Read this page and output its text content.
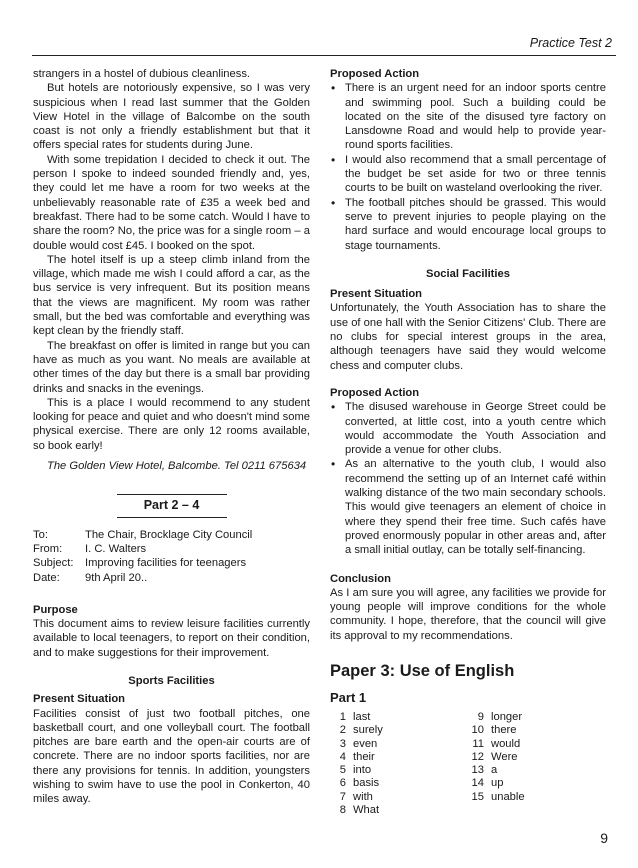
Practice Test 2

strangers in a hostel of dubious cleanliness.

But hotels are notoriously expensive, so I was very suspicious when I read last summer that the Golden View Hotel in the village of Balcombe on the south coast is not only a friendly establishment but that it offers special rates for students during June.

With some trepidation I decided to check it out. The person I spoke to indeed sounded friendly and, yes, they could let me have a room for two weeks at the unbelievably reasonable rate of £35 a week bed and breakfast. There had to be some catch. Would I have to share the room? No, the price was for a single room – a double would cost £45. I booked on the spot.

The hotel itself is up a steep climb inland from the village, which made me wish I could afford a car, as the bus service is very infrequent. But its position means that the views are magnificent. My room was rather small, but the bed was comfortable and everything was kept clean by the friendly staff.

The breakfast on offer is limited in range but you can have as much as you want. No meals are available at other times of the day but there is a small bar providing drinks and snacks in the evenings.

This is a place I would recommend to any student looking for peace and quiet and who doesn't mind some physical exercise. There are only 12 rooms available, so book early!

The Golden View Hotel, Balcombe. Tel 0211 675634

Part 2 – 4
To:	The Chair, Brocklage City Council
From:	I. C. Walters
Subject:	Improving facilities for teenagers
Date:	9th April 20..

Purpose

This document aims to review leisure facilities currently available to local teenagers, to report on their condition, and to make suggestions for their improvement.

Sports Facilities

Present Situation

Facilities consist of just two football pitches, one basketball court, and one volleyball court. The football pitches are bare earth and the open-air courts are of concrete. There are no indoor sports facilities, nor are there any provisions for tennis. In addition, youngsters wishing to swim have to use the pool in Conkerton, 40 miles away.

Proposed Action

• There is an urgent need for an indoor sports centre and swimming pool. Such a building could be located on the site of the disused tyre factory on Lansdowne Road and would help to provide year-round sports facilities.
• I would also recommend that a small percentage of the budget be set aside for two or three tennis courts to be built on wasteland overlooking the river.
• The football pitches should be grassed. This would serve to prevent injuries to people playing on the hard surface and would encourage local groups to stage tournaments.

Social Facilities

Present Situation

Unfortunately, the Youth Association has to share the use of one hall with the Senior Citizens' Club. There are no clubs for special interest groups in the area, although teenagers have said they would welcome chess and computer clubs.

Proposed Action

• The disused warehouse in George Street could be converted, at little cost, into a youth centre which would accommodate the Youth Association and provide a venue for other clubs.
• As an alternative to the youth club, I would also recommend the setting up of an Internet café within walking distance of the two main secondary schools. This would give teenagers an element of choice in where they spend their free time. Such cafés have proved enormously popular in other areas and, after a small initial outlay, can be totally self-financing.

Conclusion

As I am sure you will agree, any facilities we provide for young people will improve conditions for the whole community. I hope, therefore, that the council will give its approval to my recommendations.

Paper 3: Use of English

Part 1

1 last
2 surely
3 even
4 their
5 into
6 basis
7 with
8 What
9 longer
10 there
11 would
12 Were
13 a
14 up
15 unable
9
